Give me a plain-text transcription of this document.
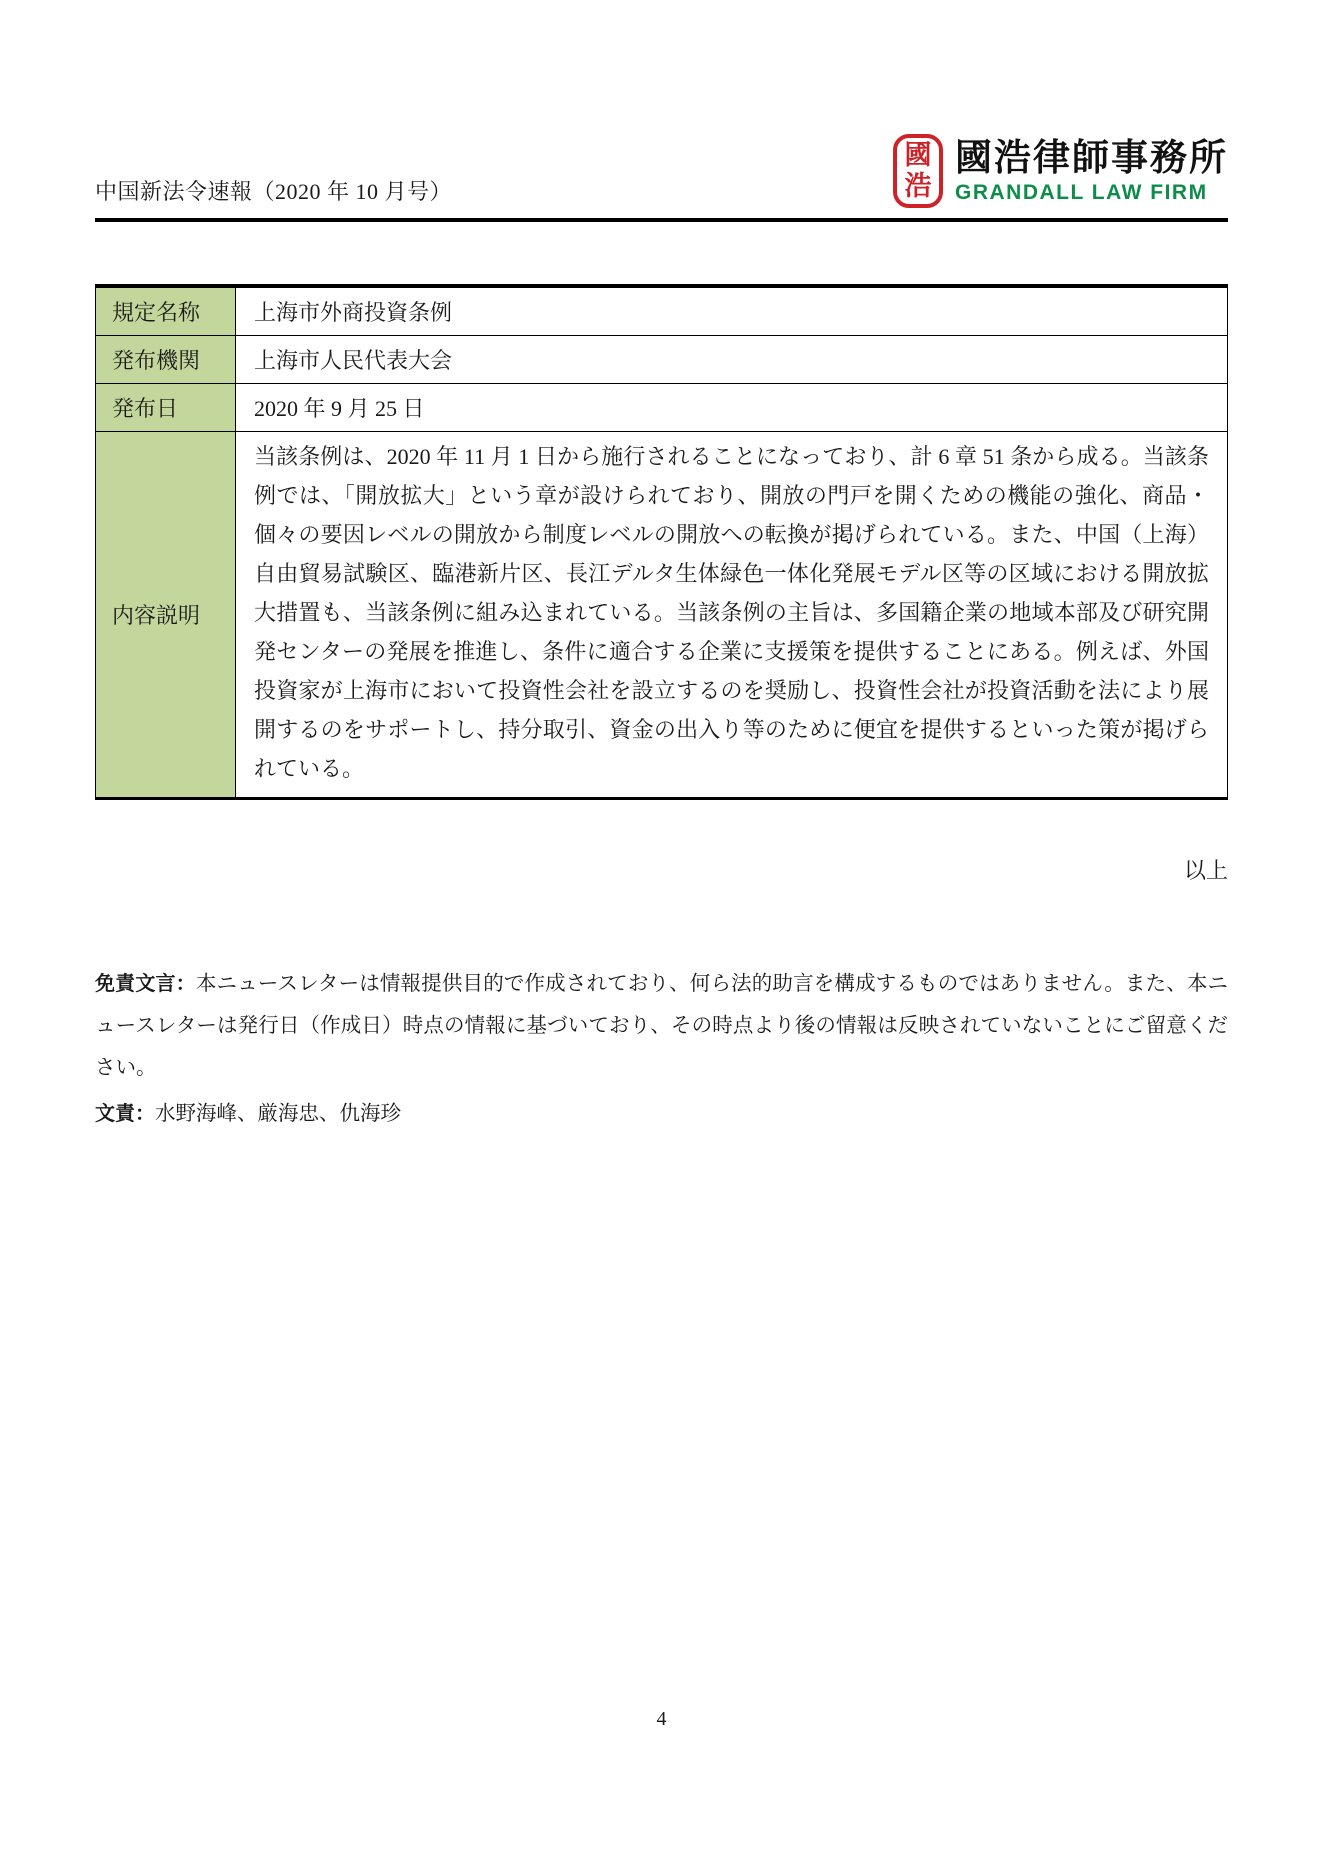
中国新法令速報（2020 年 10 月号）
國
浩
國浩律師事務所
GRANDALL LAW FIRM
規定名称	上海市外商投資条例
発布機関	上海市人民代表大会
発布日	2020 年 9 月 25 日
内容説明	当該条例は、2020 年 11 月 1 日から施行されることになっており、計 6 章 51 条から成る。当該条例では、「開放拡大」という章が設けられており、開放の門戸を開くための機能の強化、商品・個々の要因レベルの開放から制度レベルの開放への転換が掲げられている。また、中国（上海）自由貿易試験区、臨港新片区、長江デルタ生体緑色一体化発展モデル区等の区域における開放拡大措置も、当該条例に組み込まれている。当該条例の主旨は、多国籍企業の地域本部及び研究開発センターの発展を推進し、条件に適合する企業に支援策を提供することにある。例えば、外国投資家が上海市において投資性会社を設立するのを奨励し、投資性会社が投資活動を法により展開するのをサポートし、持分取引、資金の出入り等のために便宜を提供するといった策が掲げられている。
以上
免責文言：本ニュースレターは情報提供目的で作成されており、何ら法的助言を構成するものではありません。また、本ニュースレターは発行日（作成日）時点の情報に基づいており、その時点より後の情報は反映されていないことにご留意ください。
文責：水野海峰、厳海忠、仇海珍
4
